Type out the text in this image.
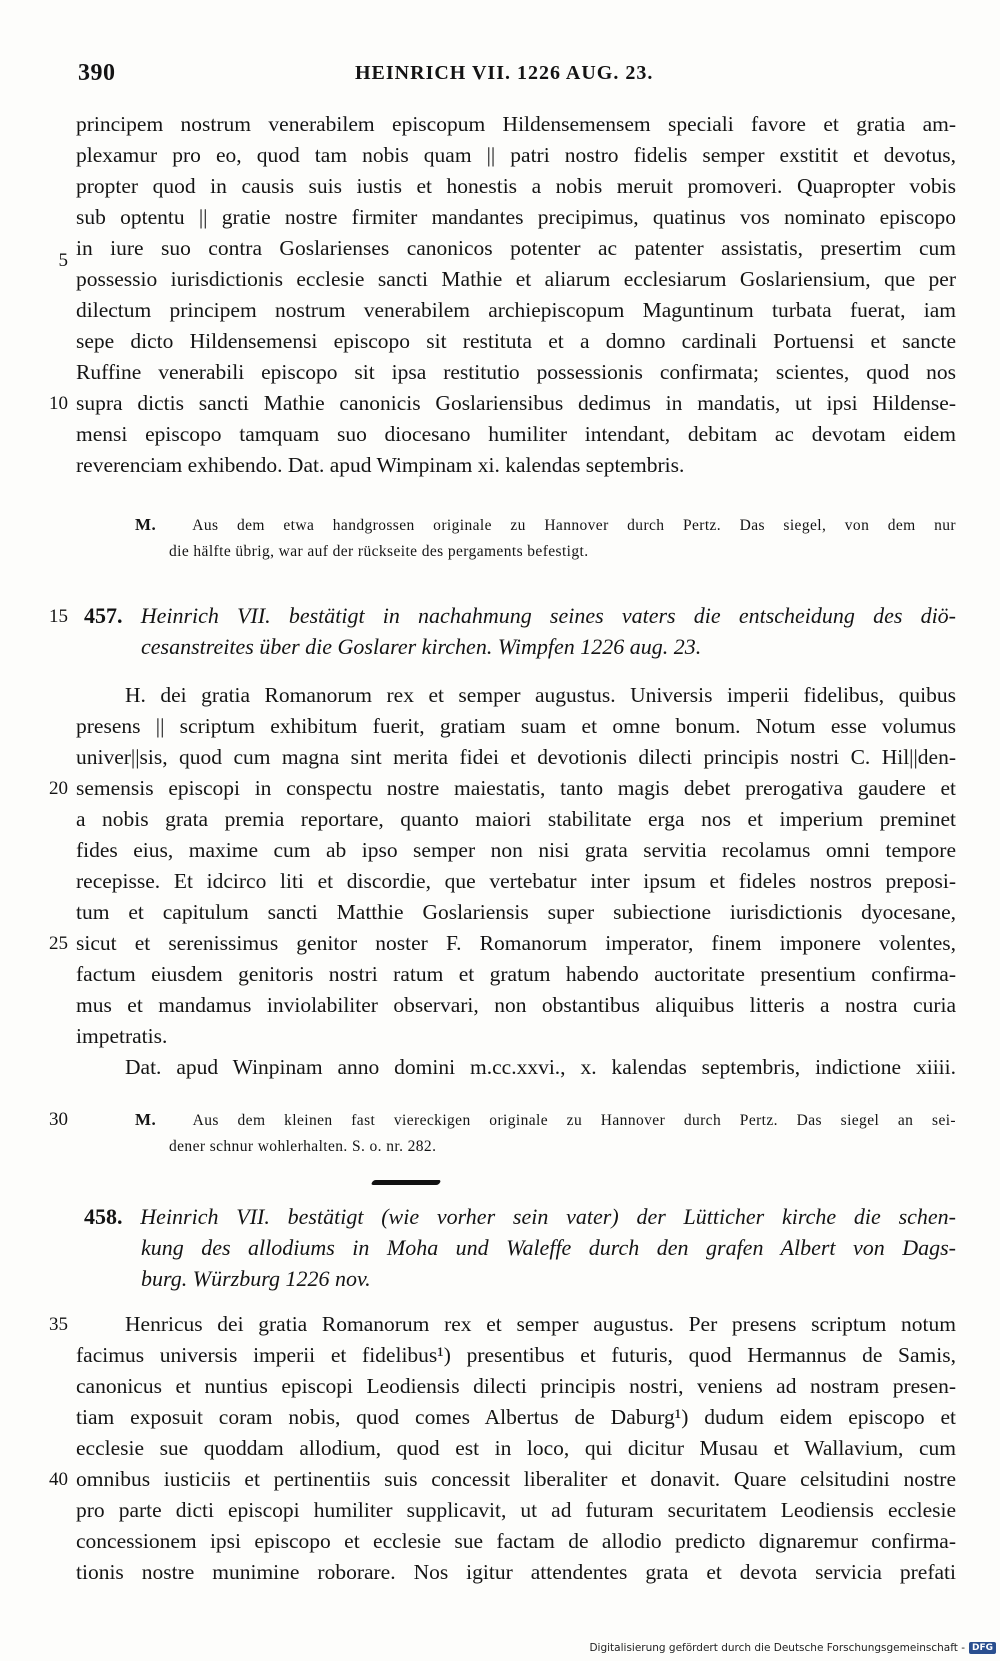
390	HEINRICH VII. 1226 AUG. 23.
principem nostrum venerabilem episcopum Hildensemensem speciali favore et gratia am-
plexamur pro eo, quod tam nobis quam || patri nostro fidelis semper exstitit et devotus,
propter quod in causis suis iustis et honestis a nobis meruit promoveri. Quapropter vobis
sub optentu || gratie nostre firmiter mandantes precipimus, quatinus vos nominato episcopo
in iure suo contra Goslarienses canonicos potenter ac patenter assistatis, presertim cum
possessio iurisdictionis ecclesie sancti Mathie et aliarum ecclesiarum Goslariensium, que per
dilectum principem nostrum venerabilem archiepiscopum Maguntinum turbata fuerat, iam
sepe dicto Hildensemensi episcopo sit restituta et a domno cardinali Portuensi et sancte
Ruffine venerabili episcopo sit ipsa restitutio possessionis confirmata; scientes, quod nos
supra dictis sancti Mathie canonicis Goslariensibus dedimus in mandatis, ut ipsi Hildense-
mensi episcopo tamquam suo diocesano humiliter intendant, debitam ac devotam eidem
reverenciam exhibendo. Dat. apud Wimpinam xi. kalendas septembris.
M. Aus dem etwa handgrossen originale zu Hannover durch Pertz. Das siegel, von dem nur
die hälfte übrig, war auf der rückseite des pergaments befestigt.
457. Heinrich VII. bestätigt in nachahmung seines vaters die entscheidung des diö-
cesanstreites über die Goslarer kirchen. Wimpfen 1226 aug. 23.
H. dei gratia Romanorum rex et semper augustus. Universis imperii fidelibus, quibus
presens || scriptum exhibitum fuerit, gratiam suam et omne bonum. Notum esse volumus
univer||sis, quod cum magna sint merita fidei et devotionis dilecti principis nostri C. Hil||den-
semensis episcopi in conspectu nostre maiestatis, tanto magis debet prerogativa gaudere et
a nobis grata premia reportare, quanto maiori stabilitate erga nos et imperium preminet
fides eius, maxime cum ab ipso semper non nisi grata servitia recolamus omni tempore
recepisse. Et idcirco liti et discordie, que vertebatur inter ipsum et fideles nostros preposi-
tum et capitulum sancti Matthie Goslariensis super subiectione iurisdictionis dyocesane,
sicut et serenissimus genitor noster F. Romanorum imperator, finem imponere volentes,
factum eiusdem genitoris nostri ratum et gratum habendo auctoritate presentium confirma-
mus et mandamus inviolabiliter observari, non obstantibus aliquibus litteris a nostra curia
impetratis.
Dat. apud Winpinam anno domini m.cc.xxvi., x. kalendas septembris, indictione xiiii.
M. Aus dem kleinen fast viereckigen originale zu Hannover durch Pertz. Das siegel an sei-
dener schnur wohlerhalten. S. o. nr. 282.
458. Heinrich VII. bestätigt (wie vorher sein vater) der Lütticher kirche die schen-
kung des allodiums in Moha und Waleffe durch den grafen Albert von Dags-
burg. Würzburg 1226 nov.
Henricus dei gratia Romanorum rex et semper augustus. Per presens scriptum notum
facimus universis imperii et fidelibus¹) presentibus et futuris, quod Hermannus de Samis,
canonicus et nuntius episcopi Leodiensis dilecti principis nostri, veniens ad nostram presen-
tiam exposuit coram nobis, quod comes Albertus de Daburg¹) dudum eidem episcopo et
ecclesie sue quoddam allodium, quod est in loco, qui dicitur Musau et Wallavium, cum
omnibus iusticiis et pertinentiis suis concessit liberaliter et donavit. Quare celsitudini nostre
pro parte dicti episcopi humiliter supplicavit, ut ad futuram securitatem Leodiensis ecclesie
concessionem ipsi episcopo et ecclesie sue factam de allodio predicto dignaremur confirma-
tionis nostre munimine roborare. Nos igitur attendentes grata et devota servicia prefati
5
10
15
20
25
30
35
40
Digitalisierung gefördert durch die Deutsche Forschungsgemeinschaft - DFG
